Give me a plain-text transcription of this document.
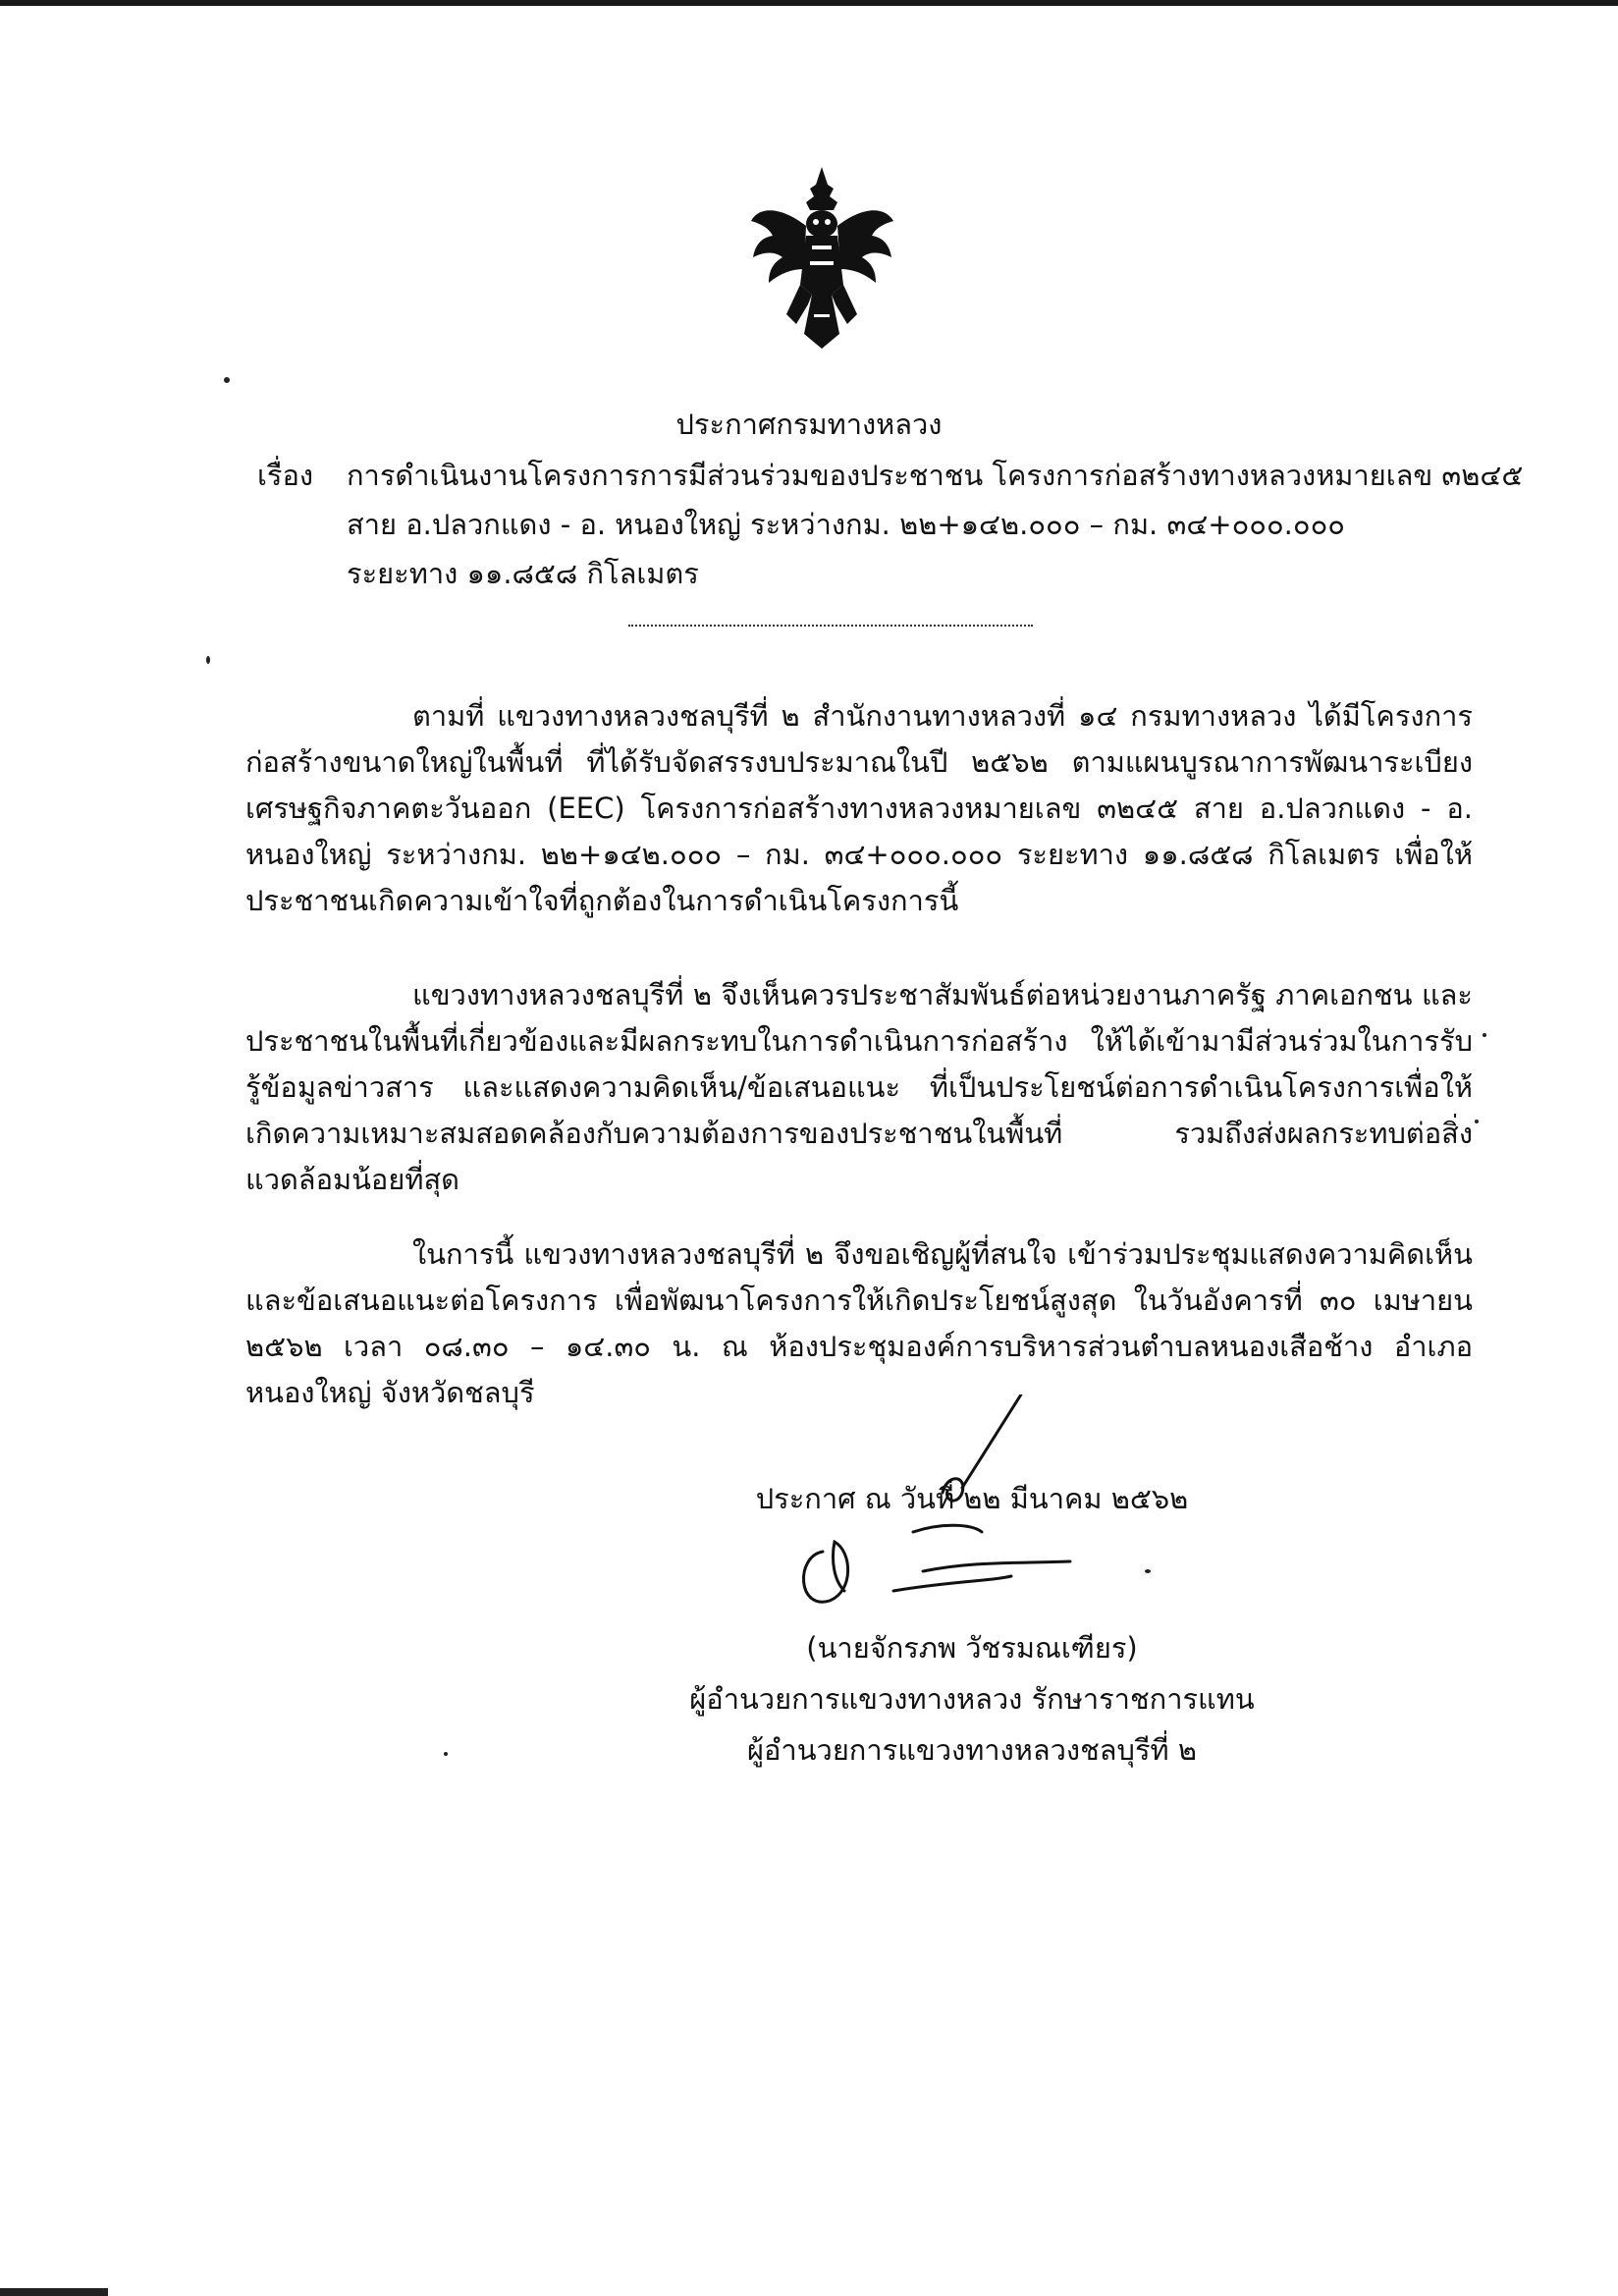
ประกาศกรมทางหลวง
เรื่อง การดำเนินงานโครงการการมีส่วนร่วมของประชาชน โครงการก่อสร้างทางหลวงหมายเลข ๓๒๔๕
สาย อ.ปลวกแดง - อ. หนองใหญ่ ระหว่างกม. ๒๒+๑๔๒.๐๐๐ – กม. ๓๔+๐๐๐.๐๐๐
ระยะทาง ๑๑.๘๕๘ กิโลเมตร

ตามที่ แขวงทางหลวงชลบุรีที่ ๒ สำนักงานทางหลวงที่ ๑๔ กรมทางหลวง ได้มีโครงการก่อสร้างขนาดใหญ่ในพื้นที่ ที่ได้รับจัดสรรงบประมาณในปี ๒๕๖๒ ตามแผนบูรณาการพัฒนาระเบียงเศรษฐกิจภาคตะวันออก (EEC) โครงการก่อสร้างทางหลวงหมายเลข ๓๒๔๕ สาย อ.ปลวกแดง - อ. หนองใหญ่ ระหว่างกม. ๒๒+๑๔๒.๐๐๐ – กม. ๓๔+๐๐๐.๐๐๐ ระยะทาง ๑๑.๘๕๘ กิโลเมตร เพื่อให้ประชาชนเกิดความเข้าใจที่ถูกต้องในการดำเนินโครงการนี้

แขวงทางหลวงชลบุรีที่ ๒ จึงเห็นควรประชาสัมพันธ์ต่อหน่วยงานภาครัฐ ภาคเอกชน และประชาชนในพื้นที่เกี่ยวข้องและมีผลกระทบในการดำเนินการก่อสร้าง ให้ได้เข้ามามีส่วนร่วมในการรับรู้ข้อมูลข่าวสาร และแสดงความคิดเห็น/ข้อเสนอแนะ ที่เป็นประโยชน์ต่อการดำเนินโครงการเพื่อให้เกิดความเหมาะสมสอดคล้องกับความต้องการของประชาชนในพื้นที่ รวมถึงส่งผลกระทบต่อสิ่งแวดล้อมน้อยที่สุด

ในการนี้ แขวงทางหลวงชลบุรีที่ ๒ จึงขอเชิญผู้ที่สนใจ เข้าร่วมประชุมแสดงความคิดเห็นและข้อเสนอแนะต่อโครงการ เพื่อพัฒนาโครงการให้เกิดประโยชน์สูงสุด ในวันอังคารที่ ๓๐ เมษายน ๒๕๖๒ เวลา ๐๘.๓๐ – ๑๔.๓๐ น. ณ ห้องประชุมองค์การบริหารส่วนตำบลหนองเสือช้าง อำเภอหนองใหญ่ จังหวัดชลบุรี

ประกาศ ณ วันที่ ๒๒ มีนาคม ๒๕๖๒
(นายจักรภพ วัชรมณเฑียร)
ผู้อำนวยการแขวงทางหลวง รักษาราชการแทน
ผู้อำนวยการแขวงทางหลวงชลบุรีที่ ๒
